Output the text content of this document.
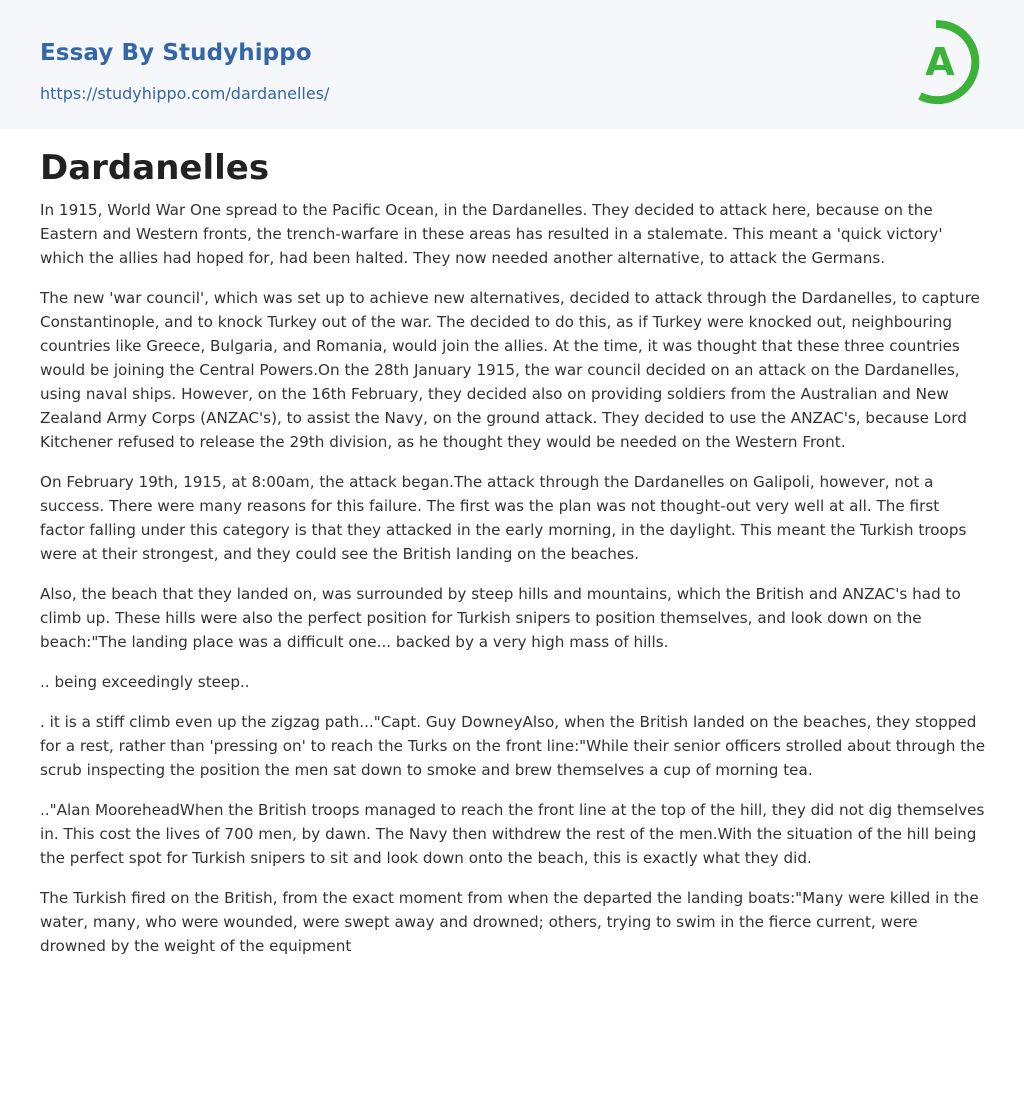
Essay By Studyhippo
https://studyhippo.com/dardanelles/
A
Dardanelles

In 1915, World War One spread to the Pacific Ocean, in the Dardanelles. They decided to attack here, because on the Eastern and Western fronts, the trench-warfare in these areas has resulted in a stalemate. This meant a 'quick victory' which the allies had hoped for, had been halted. They now needed another alternative, to attack the Germans.

The new 'war council', which was set up to achieve new alternatives, decided to attack through the Dardanelles, to capture Constantinople, and to knock Turkey out of the war. The decided to do this, as if Turkey were knocked out, neighbouring countries like Greece, Bulgaria, and Romania, would join the allies. At the time, it was thought that these three countries would be joining the Central Powers.On the 28th January 1915, the war council decided on an attack on the Dardanelles, using naval ships. However, on the 16th February, they decided also on providing soldiers from the Australian and New Zealand Army Corps (ANZAC's), to assist the Navy, on the ground attack. They decided to use the ANZAC's, because Lord Kitchener refused to release the 29th division, as he thought they would be needed on the Western Front.

On February 19th, 1915, at 8:00am, the attack began.The attack through the Dardanelles on Galipoli, however, not a success. There were many reasons for this failure. The first was the plan was not thought-out very well at all. The first factor falling under this category is that they attacked in the early morning, in the daylight. This meant the Turkish troops were at their strongest, and they could see the British landing on the beaches.

Also, the beach that they landed on, was surrounded by steep hills and mountains, which the British and ANZAC's had to climb up. These hills were also the perfect position for Turkish snipers to position themselves, and look down on the beach:"The landing place was a difficult one... backed by a very high mass of hills.

.. being exceedingly steep..

. it is a stiff climb even up the zigzag path..."Capt. Guy DowneyAlso, when the British landed on the beaches, they stopped for a rest, rather than 'pressing on' to reach the Turks on the front line:"While their senior officers strolled about through the scrub inspecting the position the men sat down to smoke and brew themselves a cup of morning tea.

.."Alan MooreheadWhen the British troops managed to reach the front line at the top of the hill, they did not dig themselves in. This cost the lives of 700 men, by dawn. The Navy then withdrew the rest of the men.With the situation of the hill being the perfect spot for Turkish snipers to sit and look down onto the beach, this is exactly what they did.

The Turkish fired on the British, from the exact moment from when the departed the landing boats:"Many were killed in the water, many, who were wounded, were swept away and drowned; others, trying to swim in the fierce current, were drowned by the weight of the equipment
